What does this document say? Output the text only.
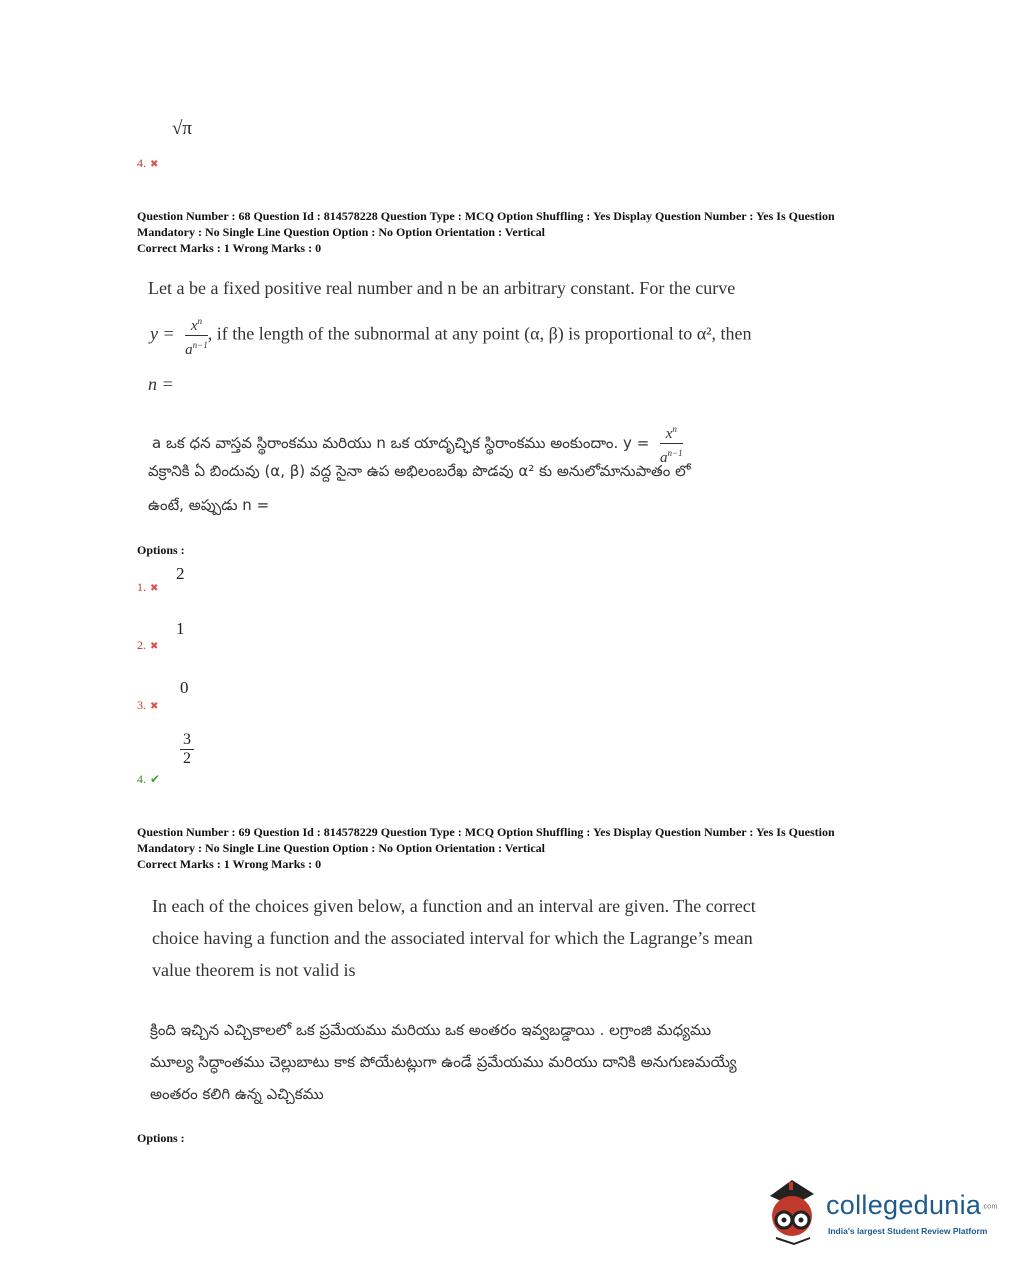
√π
4. ✖
Question Number : 68 Question Id : 814578228 Question Type : MCQ Option Shuffling : Yes Display Question Number : Yes Is Question
Mandatory : No Single Line Question Option : No Option Orientation : Vertical
Correct Marks : 1 Wrong Marks : 0
Let a be a fixed positive real number and n be an arbitrary constant. For the curve
$y = \frac{x^n}{a^{n-1}}$ , if the length of the subnormal at any point (α, β) is proportional to α², then
n =
a ఒక ధన వాస్తవ స్థిరాంకము మరియు n ఒక యాదృచ్ఛిక స్థిరాంకము అంకుందాం. $y = \frac{x^n}{a^{n-1}}$
వక్రానికి ఏ బిందువు (α, β) వద్ద సైనా ఉప అభిలంబరేఖ పొడవు α² కు అనులోమానుపాతం లో
ఉంటే, అప్పుడు n =
Options :
2
1. ✖
1
2. ✖
0
3. ✖
$\frac{3}{2}$
4. ✔
Question Number : 69 Question Id : 814578229 Question Type : MCQ Option Shuffling : Yes Display Question Number : Yes Is Question
Mandatory : No Single Line Question Option : No Option Orientation : Vertical
Correct Marks : 1 Wrong Marks : 0
In each of the choices given below, a function and an interval are given. The correct
choice having a function and the associated interval for which the Lagrange’s mean
value theorem is not valid is
క్రింది ఇచ్చిన ఎచ్చికాలలో ఒక ప్రమేయము మరియు ఒక అంతరం ఇవ్వబడ్డాయి . లగ్రాంజి మధ్యము
మూల్య సిద్ధాంతము చెల్లుబాటు కాక పోయేటట్లుగా ఉండే ప్రమేయము మరియు దానికి అనుగుణమయ్యే
అంతరం కలిగి ఉన్న ఎచ్చికము
Options :
collegedunia.com
India's largest Student Review Platform
